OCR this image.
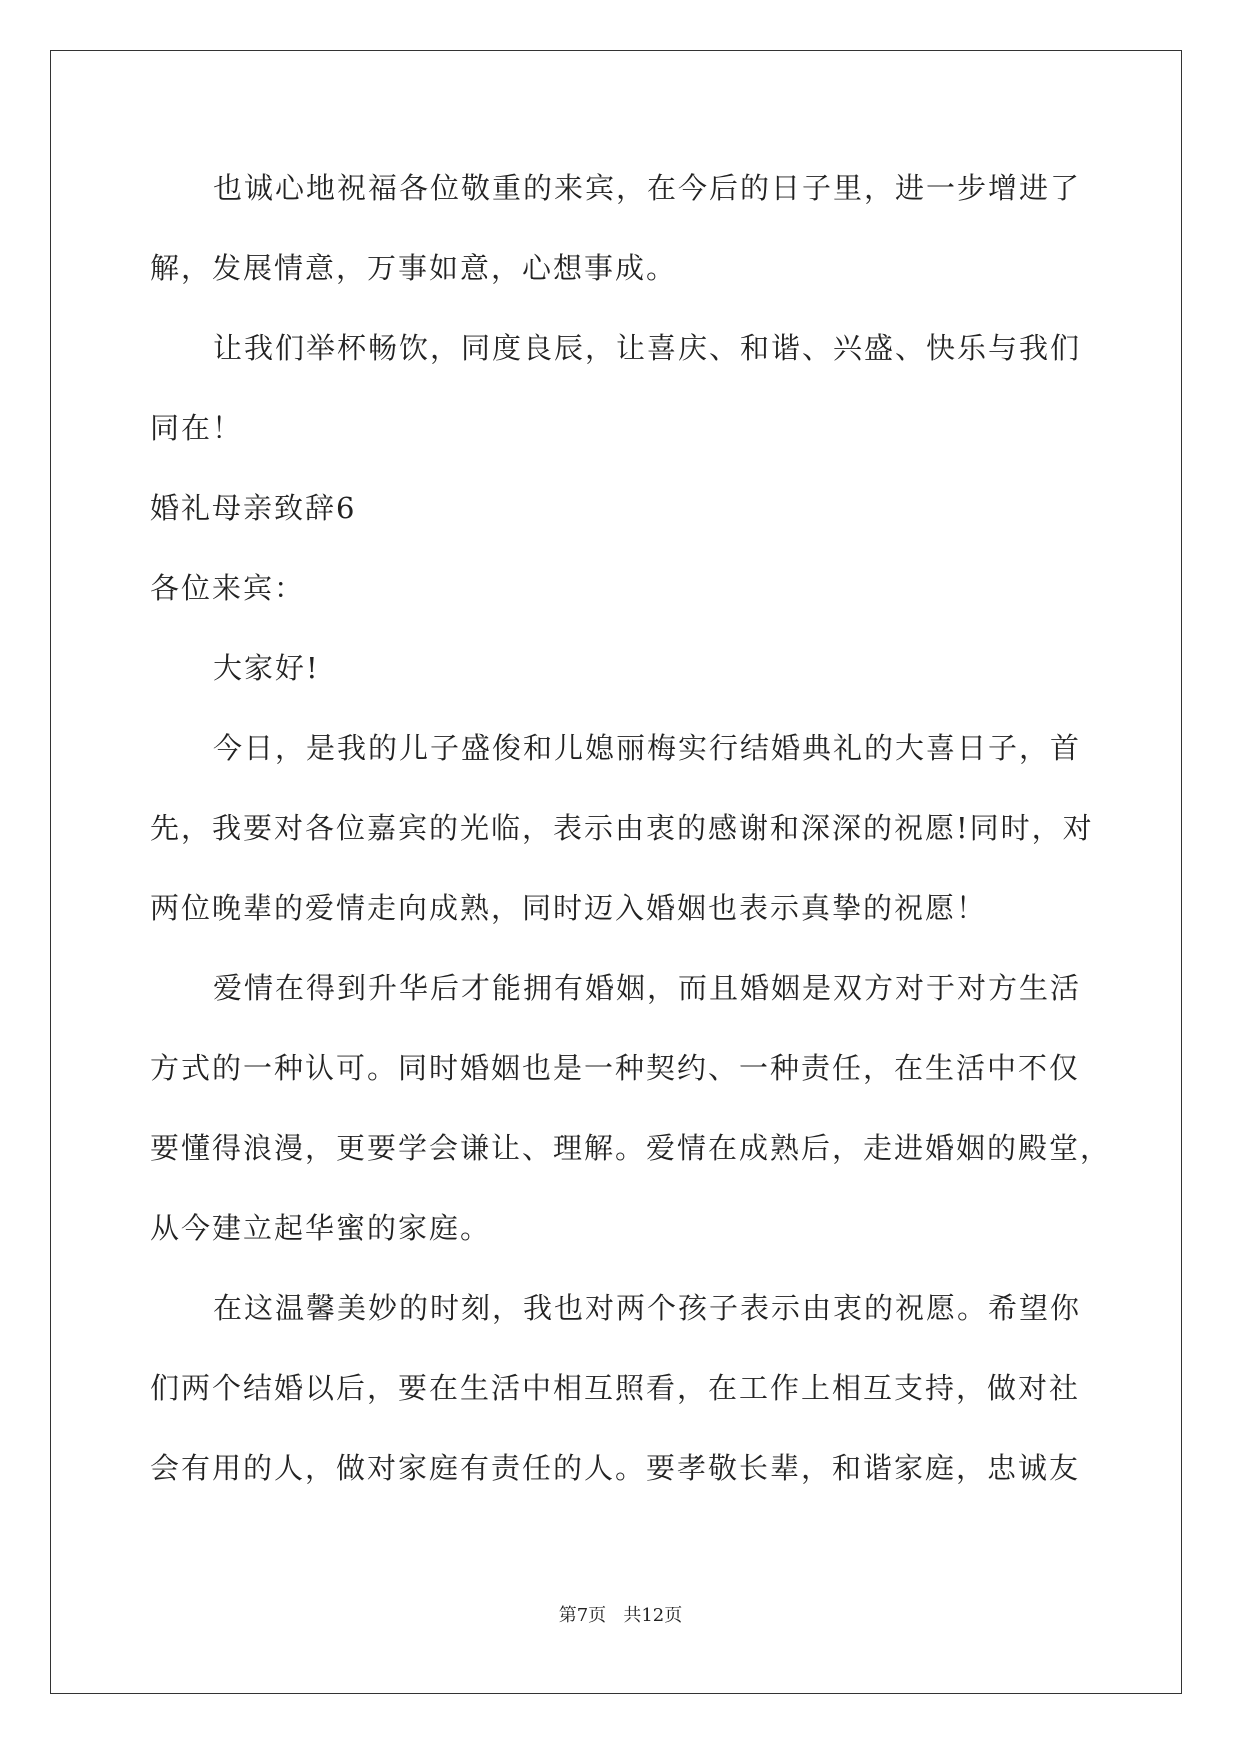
也诚心地祝福各位敬重的来宾，在今后的日子里，进一步增进了
解，发展情意，万事如意，心想事成。
让我们举杯畅饮，同度良辰，让喜庆、和谐、兴盛、快乐与我们
同在！
婚礼母亲致辞6
各位来宾：
大家好!
今日，是我的儿子盛俊和儿媳丽梅实行结婚典礼的大喜日子，首
先，我要对各位嘉宾的光临，表示由衷的感谢和深深的祝愿!同时，对
两位晚辈的爱情走向成熟，同时迈入婚姻也表示真挚的祝愿！
爱情在得到升华后才能拥有婚姻，而且婚姻是双方对于对方生活
方式的一种认可。同时婚姻也是一种契约、一种责任，在生活中不仅
要懂得浪漫，更要学会谦让、理解。爱情在成熟后，走进婚姻的殿堂，
从今建立起华蜜的家庭。
在这温馨美妙的时刻，我也对两个孩子表示由衷的祝愿。希望你
们两个结婚以后，要在生活中相互照看，在工作上相互支持，做对社
会有用的人，做对家庭有责任的人。要孝敬长辈，和谐家庭，忠诚友
第7页   共12页
